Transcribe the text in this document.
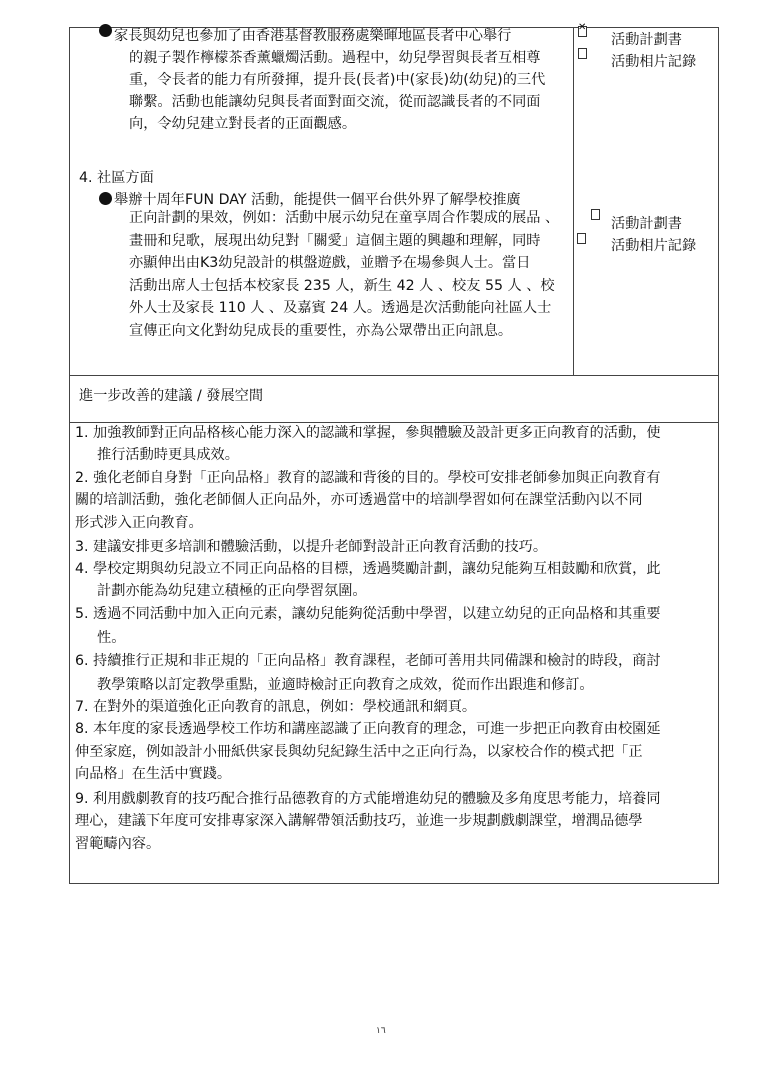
家長與幼兒也參加了由香港基督教服務處樂暉地區長者中心舉行
的親子製作檸檬茶香薰蠟燭活動。過程中，幼兒學習與長者互相尊
重，令長者的能力有所發揮，提升長(長者)中(家長)幼(幼兒)的三代
聯繫。活動也能讓幼兒與長者面對面交流，從而認識長者的不同面
向，令幼兒建立對長者的正面觀感。
✕
活動計劃書
活動相片記錄
4. 社區方面
舉辦十周年FUN DAY 活動，能提供一個平台供外界了解學校推廣
正向計劃的果效，例如：活動中展示幼兒在童享周合作製成的展品 、
畫冊和兒歌，展現出幼兒對「關愛」這個主題的興趣和理解，同時
亦顯伸出由K3幼兒設計的棋盤遊戲，並贈予在場參與人士。當日
活動出席人士包括本校家長 235 人，新生 42 人 、校友 55 人 、校
外人士及家長 110 人 、及嘉賓 24 人。透過是次活動能向社區人士
宣傳正向文化對幼兒成長的重要性，亦為公眾帶出正向訊息。
活動計劃書
活動相片記錄
進一步改善的建議 / 發展空間
1. 加強教師對正向品格核心能力深入的認識和掌握，參與體驗及設計更多正向教育的活動，使
推行活動時更具成效。
2. 強化老師自身對「正向品格」教育的認識和背後的目的。學校可安排老師參加與正向教育有
關的培訓活動，強化老師個人正向品外，亦可透過當中的培訓學習如何在課堂活動內以不同
形式涉入正向教育。
3. 建議安排更多培訓和體驗活動，以提升老師對設計正向教育活動的技巧。
4. 學校定期與幼兒設立不同正向品格的目標，透過獎勵計劃，讓幼兒能夠互相鼓勵和欣賞，此
計劃亦能為幼兒建立積極的正向學習氛圍。
5. 透過不同活動中加入正向元素，讓幼兒能夠從活動中學習，以建立幼兒的正向品格和其重要
性。
6. 持續推行正規和非正規的「正向品格」教育課程，老師可善用共同備課和檢討的時段，商討
教學策略以訂定教學重點，並適時檢討正向教育之成效，從而作出跟進和修訂。
7. 在對外的渠道強化正向教育的訊息，例如：學校通訊和網頁。
8. 本年度的家長透過學校工作坊和講座認識了正向教育的理念，可進一步把正向教育由校園延
伸至家庭，例如設計小冊紙供家長與幼兒紀錄生活中之正向行為，以家校合作的模式把「正
向品格」在生活中實踐。
9. 利用戲劇教育的技巧配合推行品德教育的方式能增進幼兒的體驗及多角度思考能力，培養同
理心，建議下年度可安排專家深入講解帶領活動技巧，並進一步規劃戲劇課堂，增潤品德學
習範疇內容。
١٦
